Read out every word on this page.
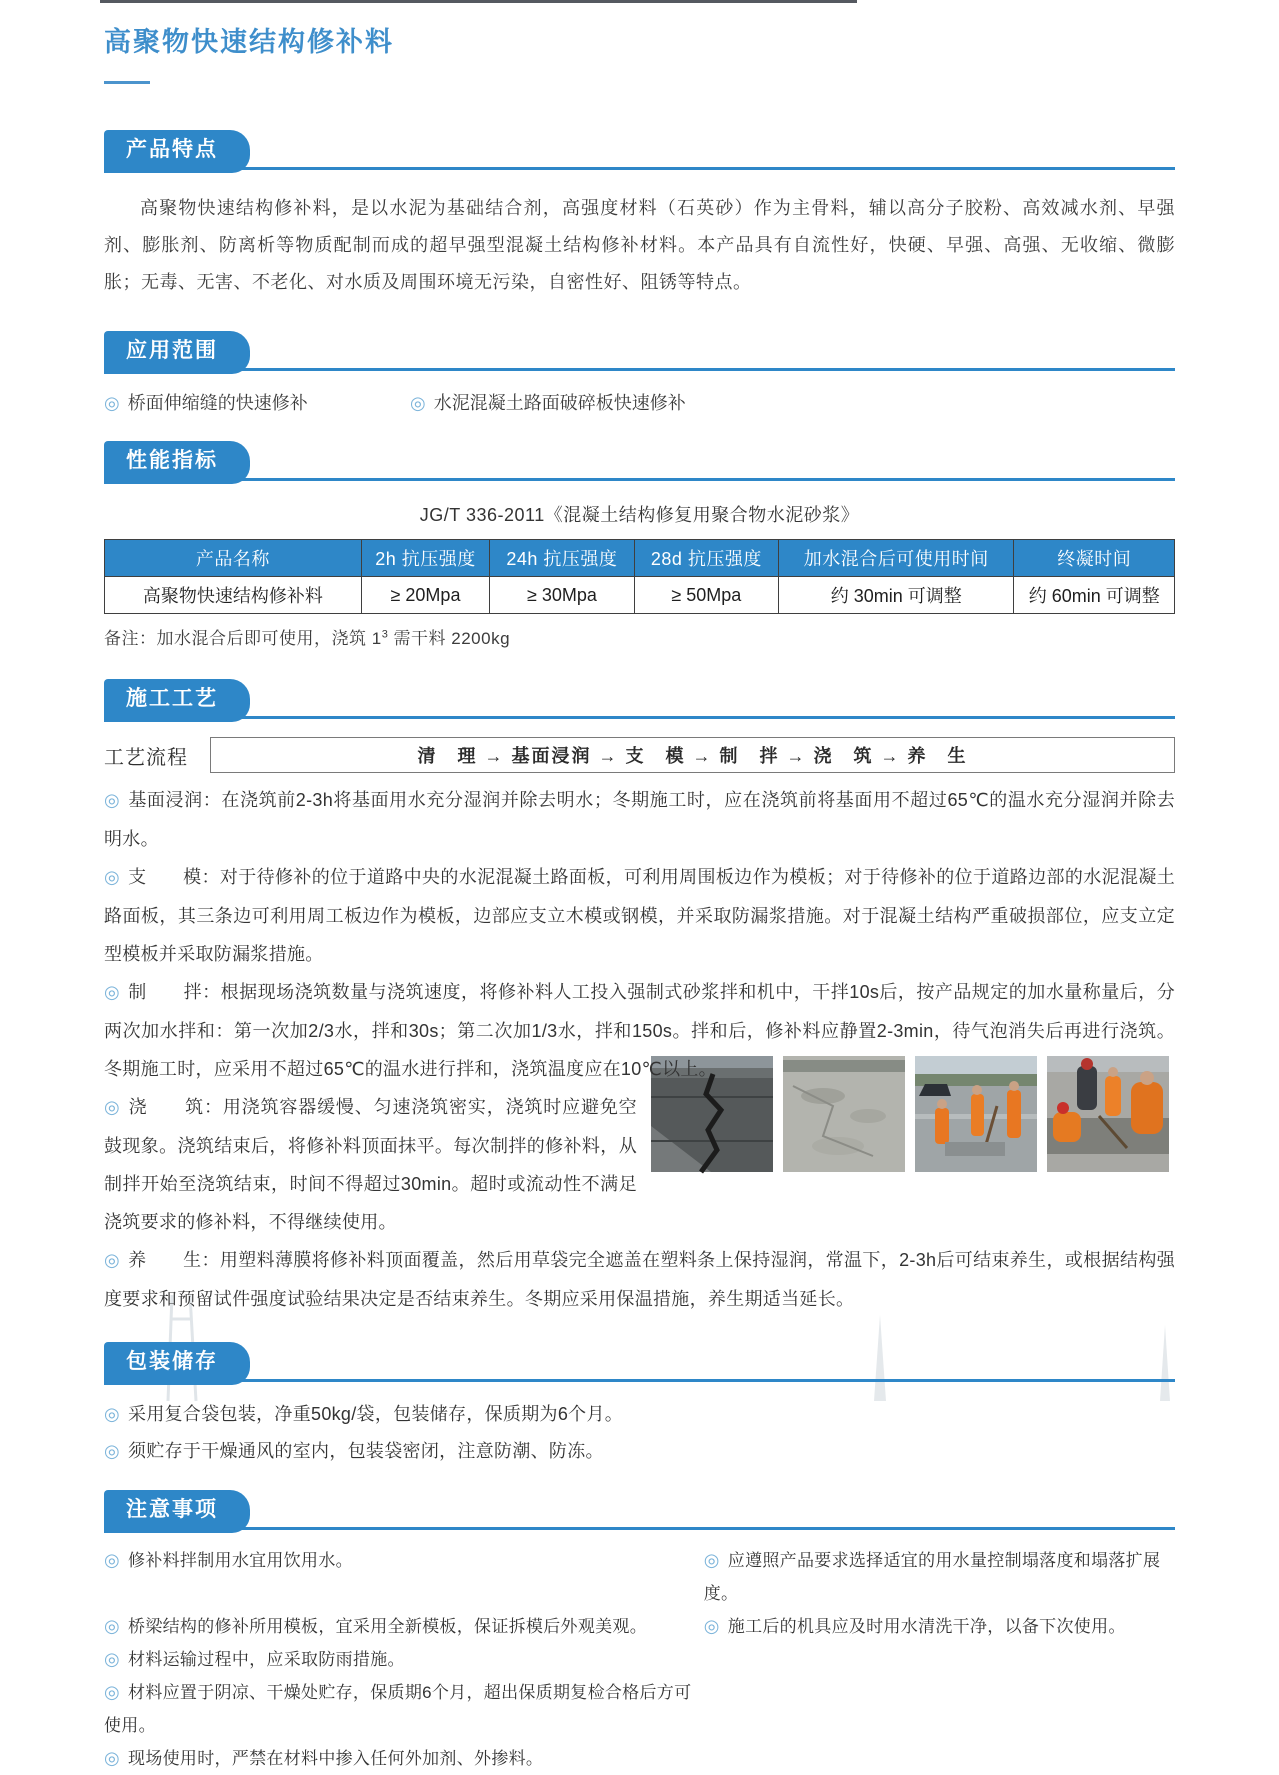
高聚物快速结构修补料
产品特点

高聚物快速结构修补料，是以水泥为基础结合剂，高强度材料（石英砂）作为主骨料，辅以高分子胶粉、高效减水剂、早强剂、膨胀剂、防离析等物质配制而成的超早强型混凝土结构修补材料。本产品具有自流性好，快硬、早强、高强、无收缩、微膨胀；无毒、无害、不老化、对水质及周围环境无污染，自密性好、阻锈等特点。

应用范围
◎ 桥面伸缩缝的快速修补	◎ 水泥混凝土路面破碎板快速修补
性能指标
JG/T 336-2011《混凝土结构修复用聚合物水泥砂浆》
产品名称	2h 抗压强度	24h 抗压强度	28d 抗压强度	加水混合后可使用时间	终凝时间
高聚物快速结构修补料	≥ 20Mpa	≥ 30Mpa	≥ 50Mpa	约 30min 可调整	约 60min 可调整
备注：加水混合后即可使用，浇筑 $1^3$ 需干料 2200kg
施工工艺
工艺流程	清　理 → 基面浸润 → 支　模 → 制　拌 → 浇　筑 → 养　生

◎ 基面浸润：在浇筑前2-3h将基面用水充分湿润并除去明水；冬期施工时，应在浇筑前将基面用不超过65℃的温水充分湿润并除去明水。

◎ 支　　模：对于待修补的位于道路中央的水泥混凝土路面板，可利用周围板边作为模板；对于待修补的位于道路边部的水泥混凝土路面板，其三条边可利用周工板边作为模板，边部应支立木模或钢模，并采取防漏浆措施。对于混凝土结构严重破损部位，应支立定型模板并采取防漏浆措施。

◎ 制　　拌：根据现场浇筑数量与浇筑速度，将修补料人工投入强制式砂浆拌和机中，干拌10s后，按产品规定的加水量称量后，分两次加水拌和：第一次加2/3水，拌和30s；第二次加1/3水，拌和150s。拌和后，修补料应静置2-3min，待气泡消失后再进行浇筑。冬期施工时，应采用不超过65℃的温水进行拌和，浇筑温度应在10℃以上。

◎ 浇　　筑：用浇筑容器缓慢、匀速浇筑密实，浇筑时应避免空鼓现象。浇筑结束后，将修补料顶面抹平。每次制拌的修补料，从制拌开始至浇筑结束，时间不得超过30min。超时或流动性不满足浇筑要求的修补料，不得继续使用。

◎ 养　　生：用塑料薄膜将修补料顶面覆盖，然后用草袋完全遮盖在塑料条上保持湿润，常温下，2-3h后可结束养生，或根据结构强度要求和预留试件强度试验结果决定是否结束养生。冬期应采用保温措施，养生期适当延长。

包装储存

◎ 采用复合袋包装，净重50kg/袋，包装储存，保质期为6个月。

◎ 须贮存于干燥通风的室内，包装袋密闭，注意防潮、防冻。

注意事项

◎ 修补料拌制用水宜用饮用水。	◎ 应遵照产品要求选择适宜的用水量控制塌落度和塌落扩展度。

◎ 桥梁结构的修补所用模板，宜采用全新模板，保证拆模后外观美观。	◎ 施工后的机具应及时用水清洗干净，以备下次使用。

◎ 材料运输过程中，应采取防雨措施。

◎ 材料应置于阴凉、干燥处贮存，保质期6个月，超出保质期复检合格后方可使用。

◎ 现场使用时，严禁在材料中掺入任何外加剂、外掺料。
